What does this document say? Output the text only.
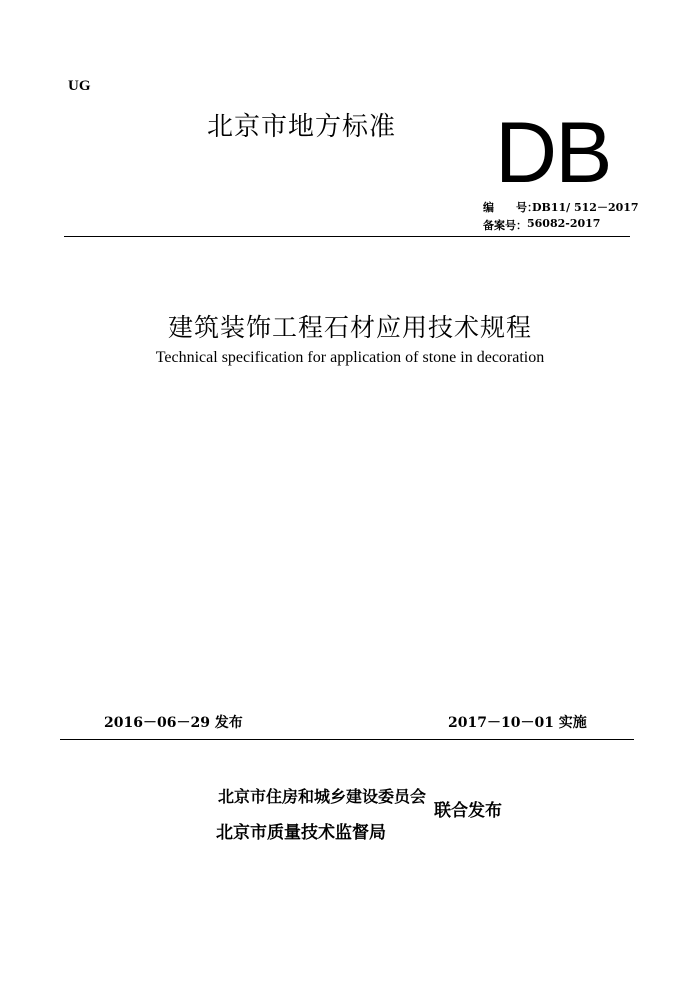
UG
北京市地方标准 DB
编 号：
DB11/ 512－2017
备案号： 56082-2017
建筑装饰工程石材应用技术规程
Technical specification for application of stone in decoration
2016－06－29 发布	2017－10－01 实施
北京市住房和城乡建设委员会
北京市质量技术监督局
联合发布
